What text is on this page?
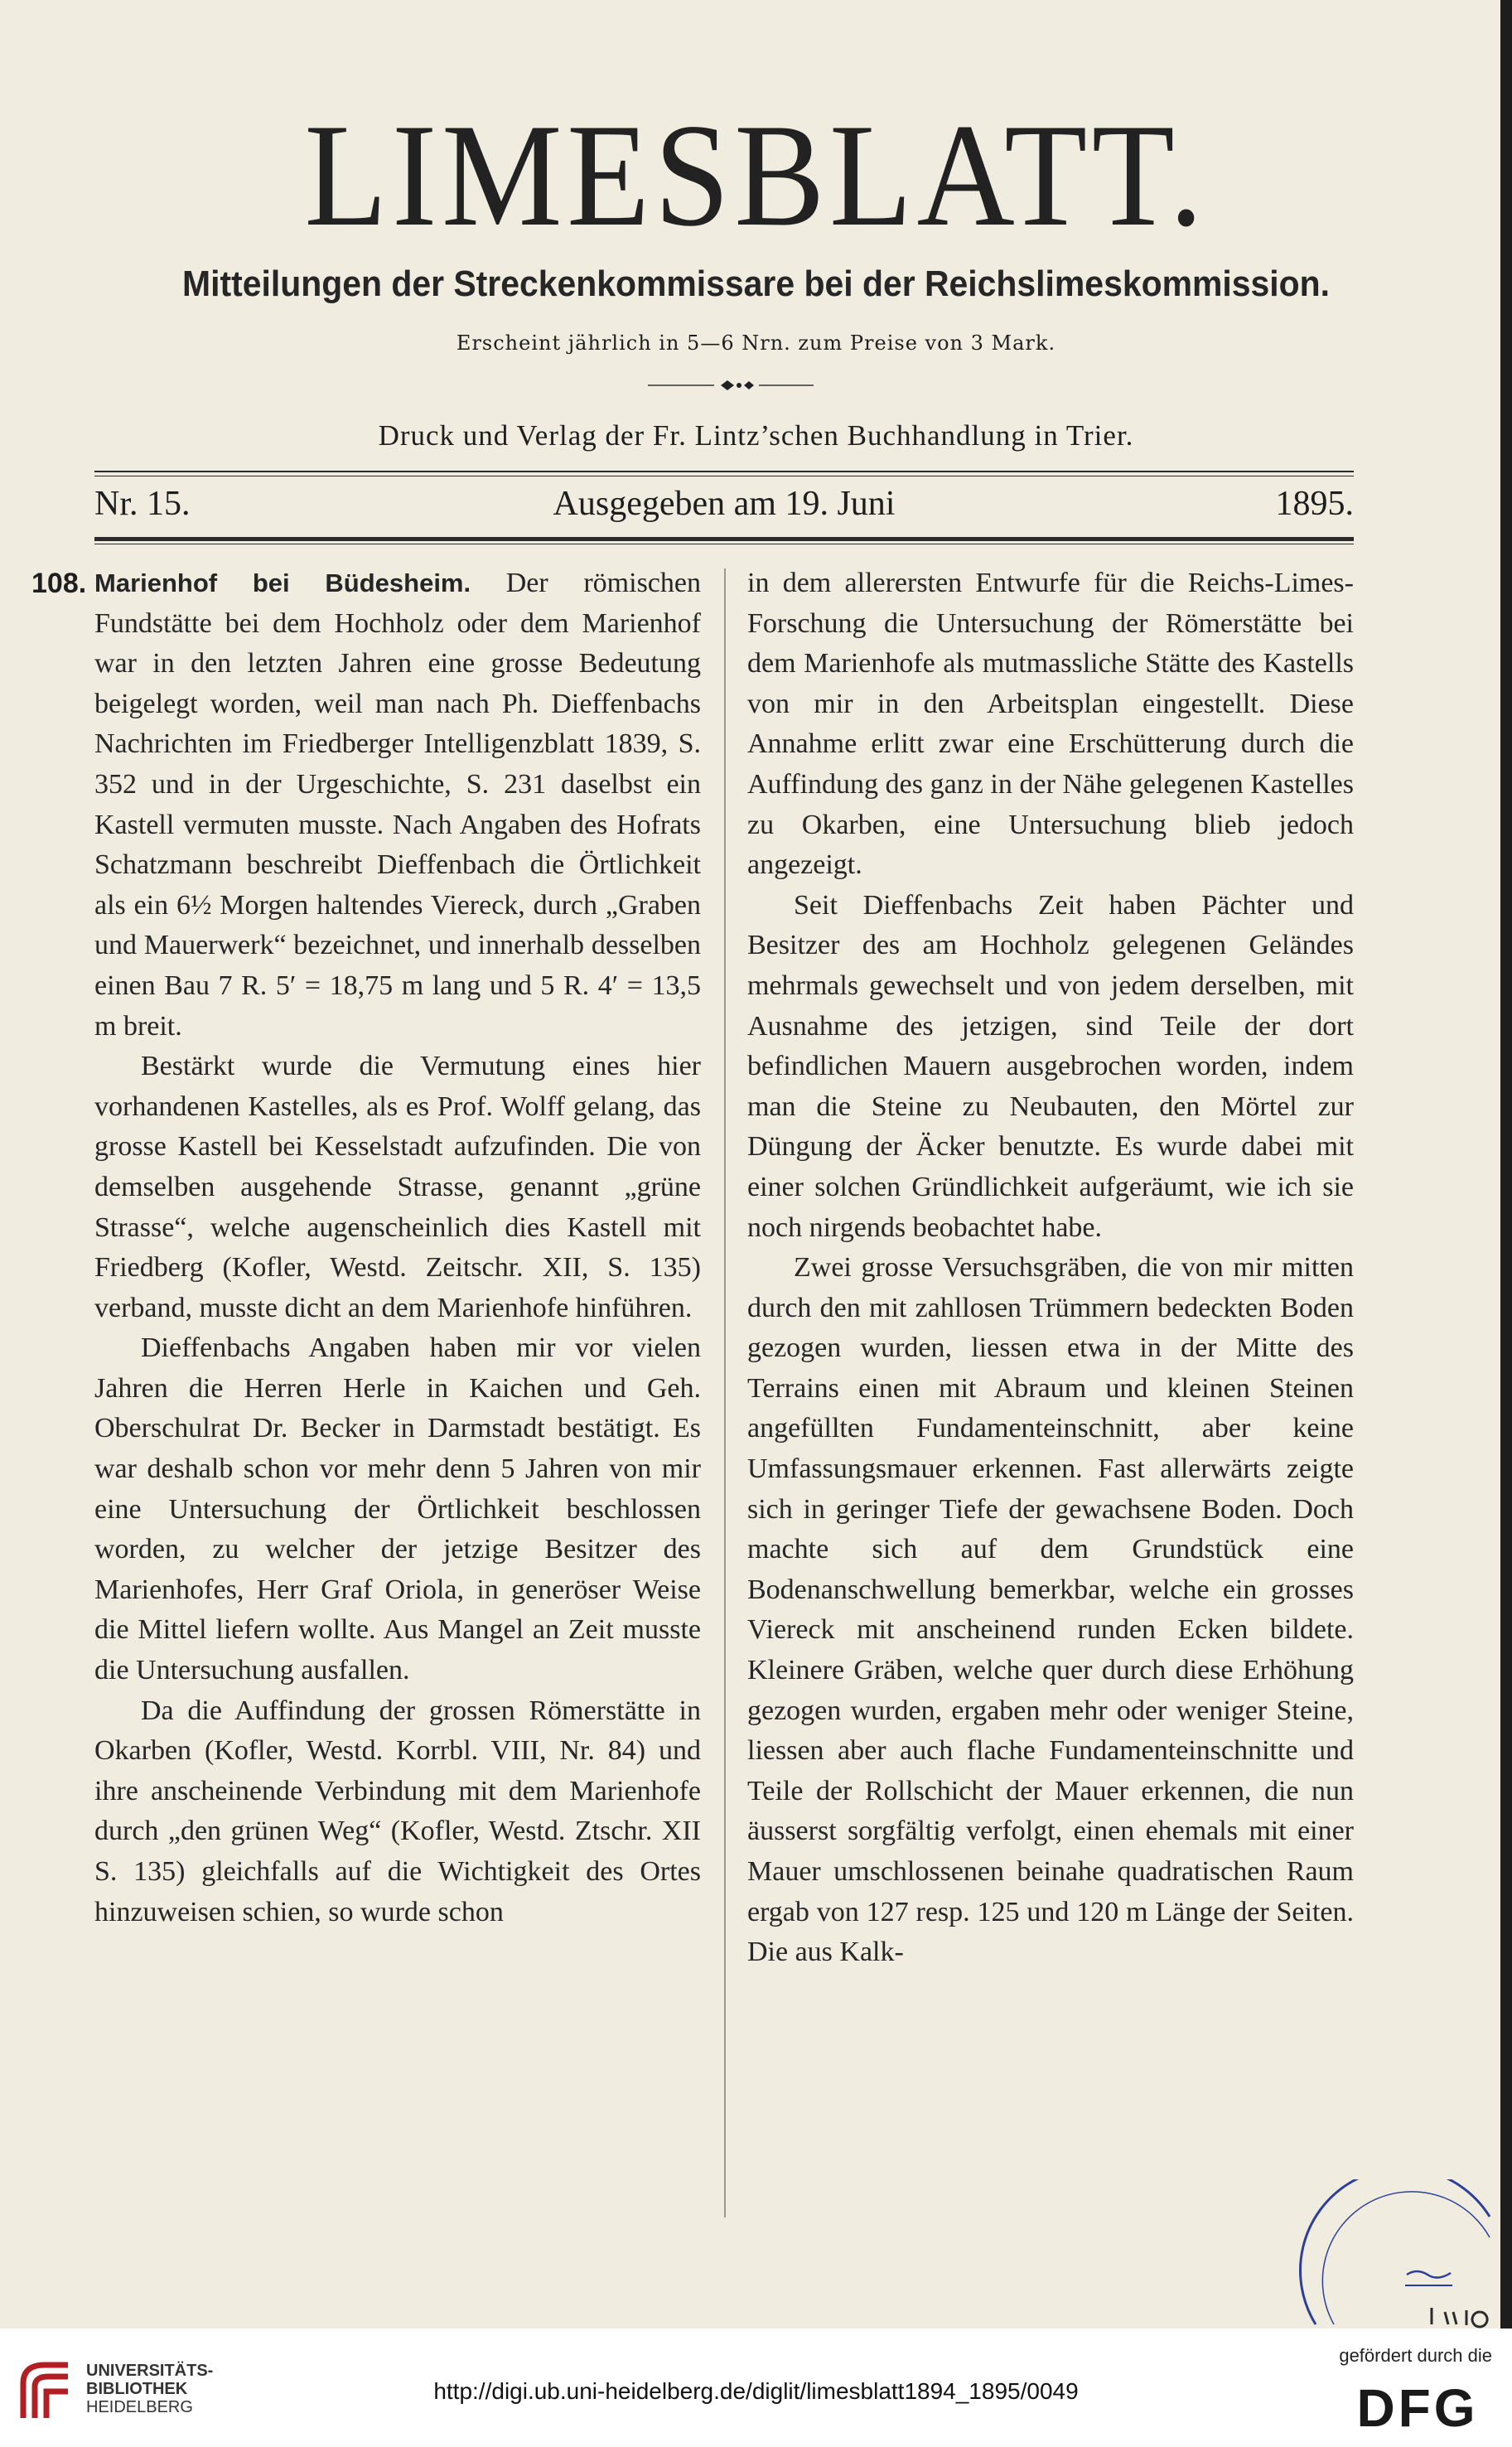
LIMESBLATT.
Mitteilungen der Streckenkommissare bei der Reichslimeskommission.
Erscheint jährlich in 5—6 Nrn. zum Preise von 3 Mark.
Druck und Verlag der Fr. Lintz’schen Buchhandlung in Trier.
Ausgegeben am 19. Juni
Nr. 15.	1895.
108. Marienhof bei Büdesheim. Der römischen Fundstätte bei dem Hochholz oder dem Marienhof war in den letzten Jahren eine grosse Bedeutung beigelegt worden, weil man nach Ph. Dieffenbachs Nachrichten im Friedberger Intelligenzblatt 1839, S. 352 und in der Urgeschichte, S. 231 daselbst ein Kastell vermuten musste. Nach Angaben des Hofrats Schatzmann beschreibt Dieffenbach die Örtlichkeit als ein 6½ Morgen haltendes Viereck, durch „Graben und Mauerwerk“ bezeichnet, und innerhalb desselben einen Bau 7 R. 5′ = 18,75 m lang und 5 R. 4′ = 13,5 m breit.

Bestärkt wurde die Vermutung eines hier vorhandenen Kastelles, als es Prof. Wolff gelang, das grosse Kastell bei Kesselstadt aufzufinden. Die von demselben ausgehende Strasse, genannt „grüne Strasse“, welche augenscheinlich dies Kastell mit Friedberg (Kofler, Westd. Zeitschr. XII, S. 135) verband, musste dicht an dem Marienhofe hinführen.

Dieffenbachs Angaben haben mir vor vielen Jahren die Herren Herle in Kaichen und Geh. Oberschulrat Dr. Becker in Darmstadt bestätigt. Es war deshalb schon vor mehr denn 5 Jahren von mir eine Untersuchung der Örtlichkeit beschlossen worden, zu welcher der jetzige Besitzer des Marienhofes, Herr Graf Oriola, in generöser Weise die Mittel liefern wollte. Aus Mangel an Zeit musste die Untersuchung ausfallen.

Da die Auffindung der grossen Römerstätte in Okarben (Kofler, Westd. Korrbl. VIII, Nr. 84) und ihre anscheinende Verbindung mit dem Marienhofe durch „den grünen Weg“ (Kofler, Westd. Ztschr. XII S. 135) gleichfalls auf die Wichtigkeit des Ortes hinzuweisen schien, so wurde schon

in dem allerersten Entwurfe für die Reichs-Limes-Forschung die Untersuchung der Römerstätte bei dem Marienhofe als mutmassliche Stätte des Kastells von mir in den Arbeitsplan eingestellt. Diese Annahme erlitt zwar eine Erschütterung durch die Auffindung des ganz in der Nähe gelegenen Kastelles zu Okarben, eine Untersuchung blieb jedoch angezeigt.

Seit Dieffenbachs Zeit haben Pächter und Besitzer des am Hochholz gelegenen Geländes mehrmals gewechselt und von jedem derselben, mit Ausnahme des jetzigen, sind Teile der dort befindlichen Mauern ausgebrochen worden, indem man die Steine zu Neubauten, den Mörtel zur Düngung der Äcker benutzte. Es wurde dabei mit einer solchen Gründlichkeit aufgeräumt, wie ich sie noch nirgends beobachtet habe.

Zwei grosse Versuchsgräben, die von mir mitten durch den mit zahllosen Trümmern bedeckten Boden gezogen wurden, liessen etwa in der Mitte des Terrains einen mit Abraum und kleinen Steinen angefüllten Fundamenteinschnitt, aber keine Umfassungsmauer erkennen. Fast allerwärts zeigte sich in geringer Tiefe der gewachsene Boden. Doch machte sich auf dem Grundstück eine Bodenanschwellung bemerkbar, welche ein grosses Viereck mit anscheinend runden Ecken bildete. Kleinere Gräben, welche quer durch diese Erhöhung gezogen wurden, ergaben mehr oder weniger Steine, liessen aber auch flache Fundamenteinschnitte und Teile der Rollschicht der Mauer erkennen, die nun äusserst sorgfältig verfolgt, einen ehemals mit einer Mauer umschlossenen beinahe quadratischen Raum ergab von 127 resp. 125 und 120 m Länge der Seiten. Die aus Kalk-

UNIVERSITÄTS-
BIBLIOTHEK
HEIDELBERG
http://digi.ub.uni-heidelberg.de/diglit/limesblatt1894_1895/0049
gefördert durch die
DFG
